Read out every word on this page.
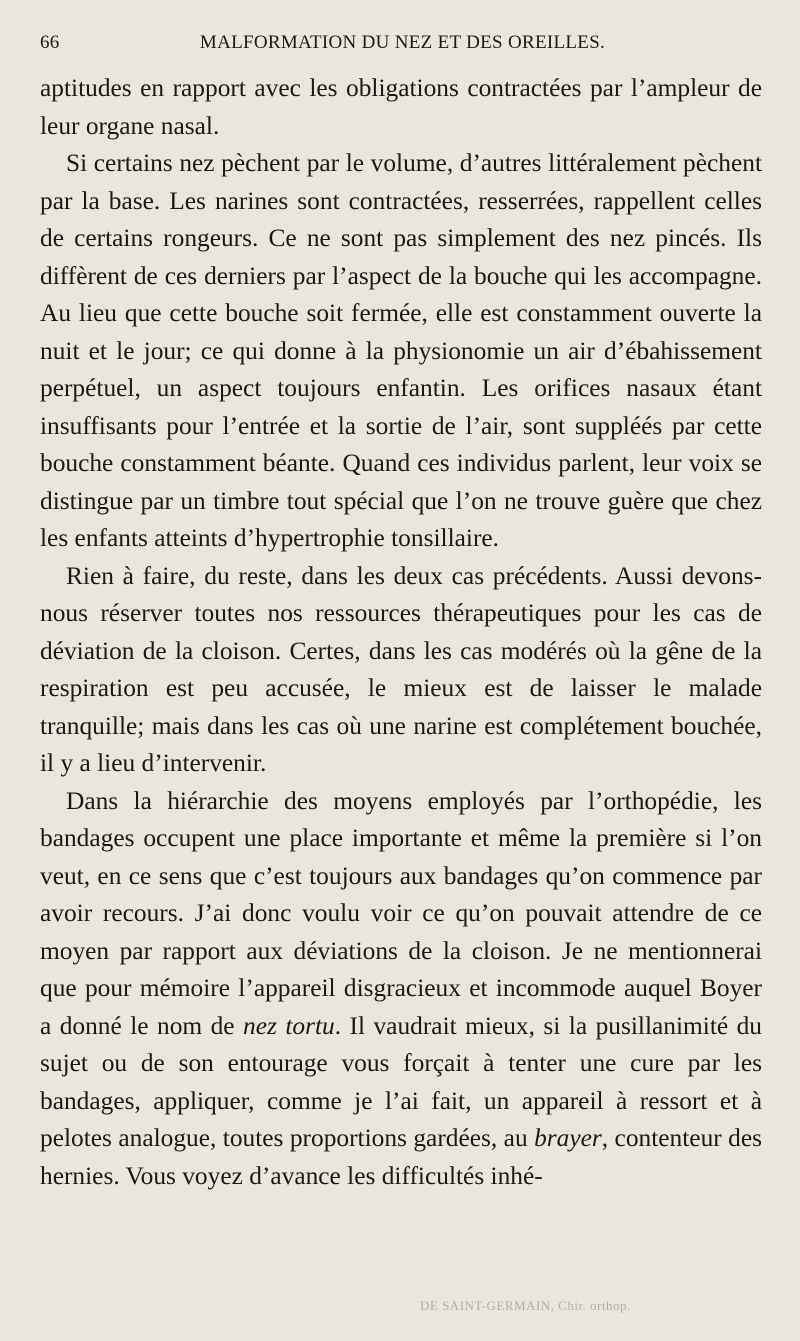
66	MALFORMATION DU NEZ ET DES OREILLES.

aptitudes en rapport avec les obligations contractées par l’ampleur de leur organe nasal.

Si certains nez pèchent par le volume, d’autres littéralement pèchent par la base. Les narines sont contractées, resserrées, rappellent celles de certains rongeurs. Ce ne sont pas simplement des nez pincés. Ils diffèrent de ces derniers par l’aspect de la bouche qui les accompagne. Au lieu que cette bouche soit fermée, elle est constamment ouverte la nuit et le jour; ce qui donne à la physionomie un air d’ébahissement perpétuel, un aspect toujours enfantin. Les orifices nasaux étant insuffisants pour l’entrée et la sortie de l’air, sont suppléés par cette bouche constamment béante. Quand ces individus parlent, leur voix se distingue par un timbre tout spécial que l’on ne trouve guère que chez les enfants atteints d’hypertrophie tonsillaire.

Rien à faire, du reste, dans les deux cas précédents. Aussi devons-nous réserver toutes nos ressources thérapeutiques pour les cas de déviation de la cloison. Certes, dans les cas modérés où la gêne de la respiration est peu accusée, le mieux est de laisser le malade tranquille; mais dans les cas où une narine est complétement bouchée, il y a lieu d’intervenir.

Dans la hiérarchie des moyens employés par l’orthopédie, les bandages occupent une place importante et même la première si l’on veut, en ce sens que c’est toujours aux bandages qu’on commence par avoir recours. J’ai donc voulu voir ce qu’on pouvait attendre de ce moyen par rapport aux déviations de la cloison. Je ne mentionnerai que pour mémoire l’appareil disgracieux et incommode auquel Boyer a donné le nom de nez tortu. Il vaudrait mieux, si la pusillanimité du sujet ou de son entourage vous forçait à tenter une cure par les bandages, appliquer, comme je l’ai fait, un appareil à ressort et à pelotes analogue, toutes proportions gardées, au brayer, contenteur des hernies. Vous voyez d’avance les difficultés inhé-

DE SAINT-GERMAIN, Chir. orthop.
